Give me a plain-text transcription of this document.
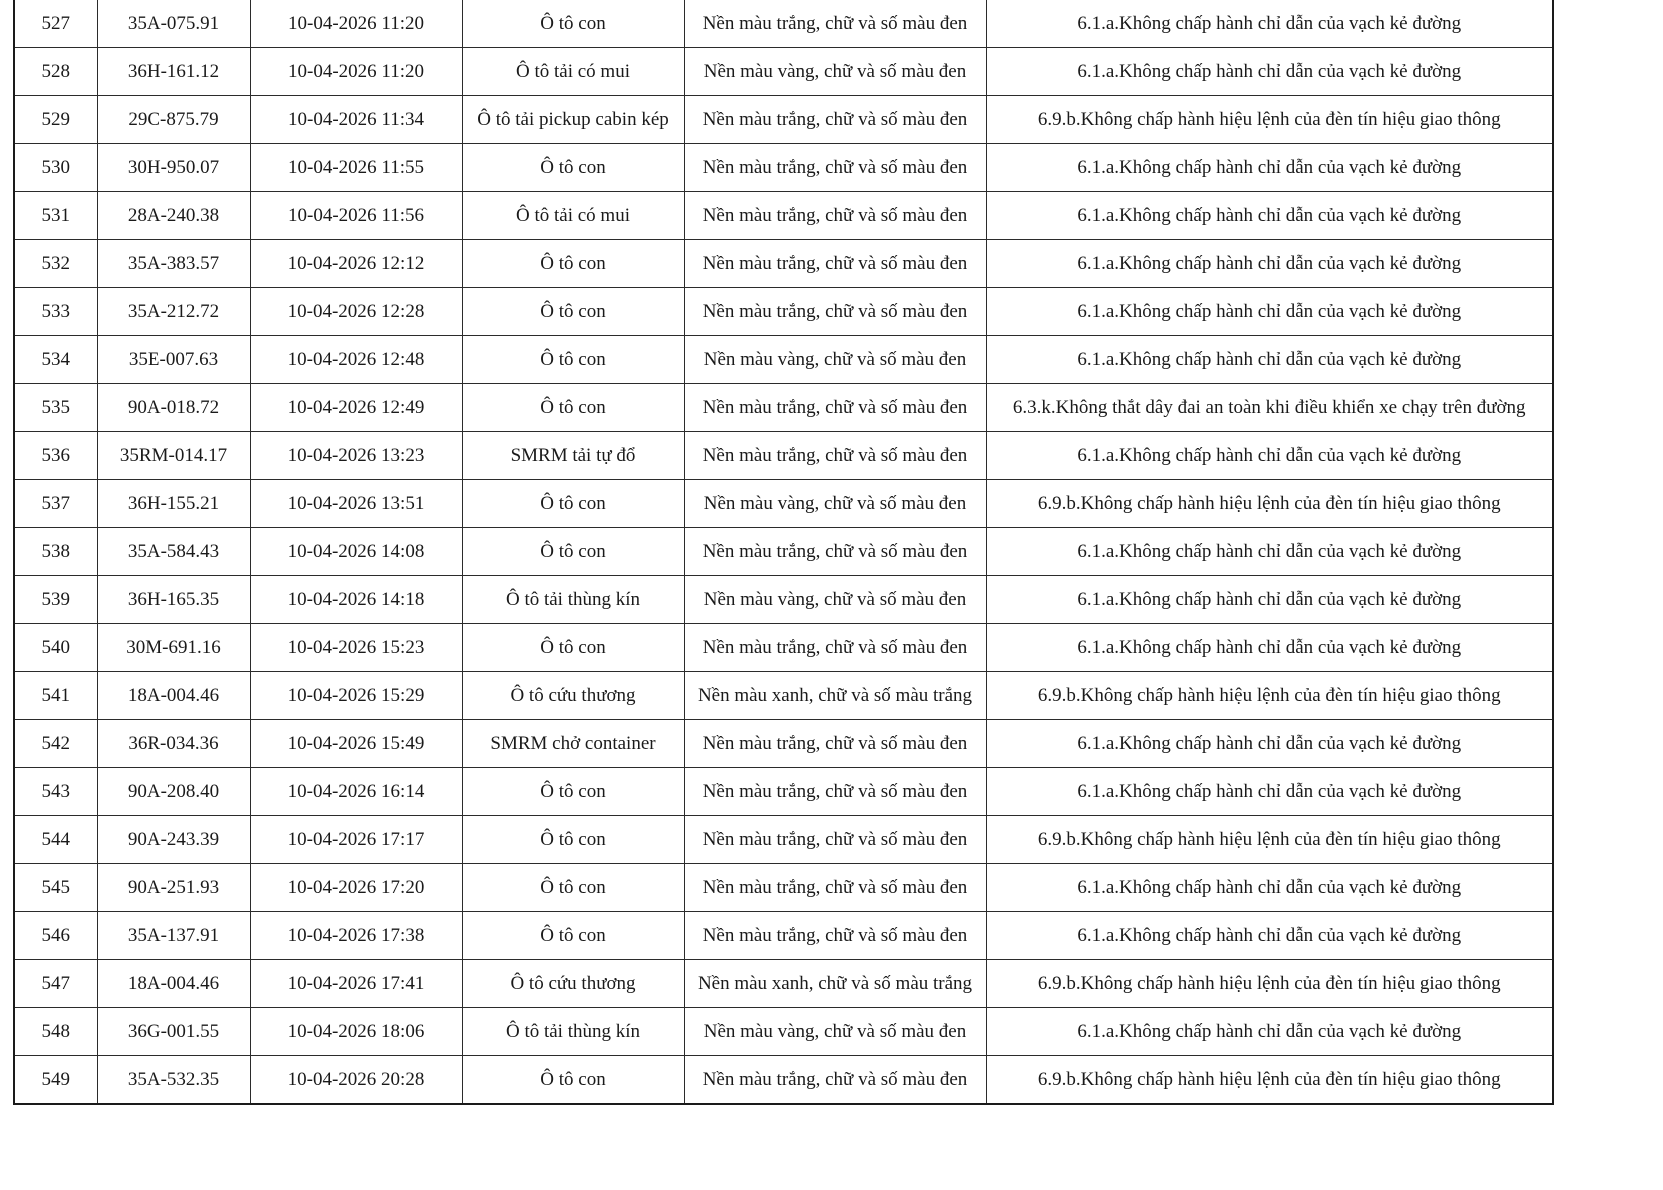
527	35A-075.91	10-04-2026 11:20	Ô tô con	Nền màu trắng, chữ và số màu đen	6.1.a.Không chấp hành chỉ dẫn của vạch kẻ đường
528	36H-161.12	10-04-2026 11:20	Ô tô tải có mui	Nền màu vàng, chữ và số màu đen	6.1.a.Không chấp hành chỉ dẫn của vạch kẻ đường
529	29C-875.79	10-04-2026 11:34	Ô tô tải pickup cabin kép	Nền màu trắng, chữ và số màu đen	6.9.b.Không chấp hành hiệu lệnh của đèn tín hiệu giao thông
530	30H-950.07	10-04-2026 11:55	Ô tô con	Nền màu trắng, chữ và số màu đen	6.1.a.Không chấp hành chỉ dẫn của vạch kẻ đường
531	28A-240.38	10-04-2026 11:56	Ô tô tải có mui	Nền màu trắng, chữ và số màu đen	6.1.a.Không chấp hành chỉ dẫn của vạch kẻ đường
532	35A-383.57	10-04-2026 12:12	Ô tô con	Nền màu trắng, chữ và số màu đen	6.1.a.Không chấp hành chỉ dẫn của vạch kẻ đường
533	35A-212.72	10-04-2026 12:28	Ô tô con	Nền màu trắng, chữ và số màu đen	6.1.a.Không chấp hành chỉ dẫn của vạch kẻ đường
534	35E-007.63	10-04-2026 12:48	Ô tô con	Nền màu vàng, chữ và số màu đen	6.1.a.Không chấp hành chỉ dẫn của vạch kẻ đường
535	90A-018.72	10-04-2026 12:49	Ô tô con	Nền màu trắng, chữ và số màu đen	6.3.k.Không thắt dây đai an toàn khi điều khiển xe chạy trên đường
536	35RM-014.17	10-04-2026 13:23	SMRM tải tự đổ	Nền màu trắng, chữ và số màu đen	6.1.a.Không chấp hành chỉ dẫn của vạch kẻ đường
537	36H-155.21	10-04-2026 13:51	Ô tô con	Nền màu vàng, chữ và số màu đen	6.9.b.Không chấp hành hiệu lệnh của đèn tín hiệu giao thông
538	35A-584.43	10-04-2026 14:08	Ô tô con	Nền màu trắng, chữ và số màu đen	6.1.a.Không chấp hành chỉ dẫn của vạch kẻ đường
539	36H-165.35	10-04-2026 14:18	Ô tô tải thùng kín	Nền màu vàng, chữ và số màu đen	6.1.a.Không chấp hành chỉ dẫn của vạch kẻ đường
540	30M-691.16	10-04-2026 15:23	Ô tô con	Nền màu trắng, chữ và số màu đen	6.1.a.Không chấp hành chỉ dẫn của vạch kẻ đường
541	18A-004.46	10-04-2026 15:29	Ô tô cứu thương	Nền màu xanh, chữ và số màu trắng	6.9.b.Không chấp hành hiệu lệnh của đèn tín hiệu giao thông
542	36R-034.36	10-04-2026 15:49	SMRM chở container	Nền màu trắng, chữ và số màu đen	6.1.a.Không chấp hành chỉ dẫn của vạch kẻ đường
543	90A-208.40	10-04-2026 16:14	Ô tô con	Nền màu trắng, chữ và số màu đen	6.1.a.Không chấp hành chỉ dẫn của vạch kẻ đường
544	90A-243.39	10-04-2026 17:17	Ô tô con	Nền màu trắng, chữ và số màu đen	6.9.b.Không chấp hành hiệu lệnh của đèn tín hiệu giao thông
545	90A-251.93	10-04-2026 17:20	Ô tô con	Nền màu trắng, chữ và số màu đen	6.1.a.Không chấp hành chỉ dẫn của vạch kẻ đường
546	35A-137.91	10-04-2026 17:38	Ô tô con	Nền màu trắng, chữ và số màu đen	6.1.a.Không chấp hành chỉ dẫn của vạch kẻ đường
547	18A-004.46	10-04-2026 17:41	Ô tô cứu thương	Nền màu xanh, chữ và số màu trắng	6.9.b.Không chấp hành hiệu lệnh của đèn tín hiệu giao thông
548	36G-001.55	10-04-2026 18:06	Ô tô tải thùng kín	Nền màu vàng, chữ và số màu đen	6.1.a.Không chấp hành chỉ dẫn của vạch kẻ đường
549	35A-532.35	10-04-2026 20:28	Ô tô con	Nền màu trắng, chữ và số màu đen	6.9.b.Không chấp hành hiệu lệnh của đèn tín hiệu giao thông
